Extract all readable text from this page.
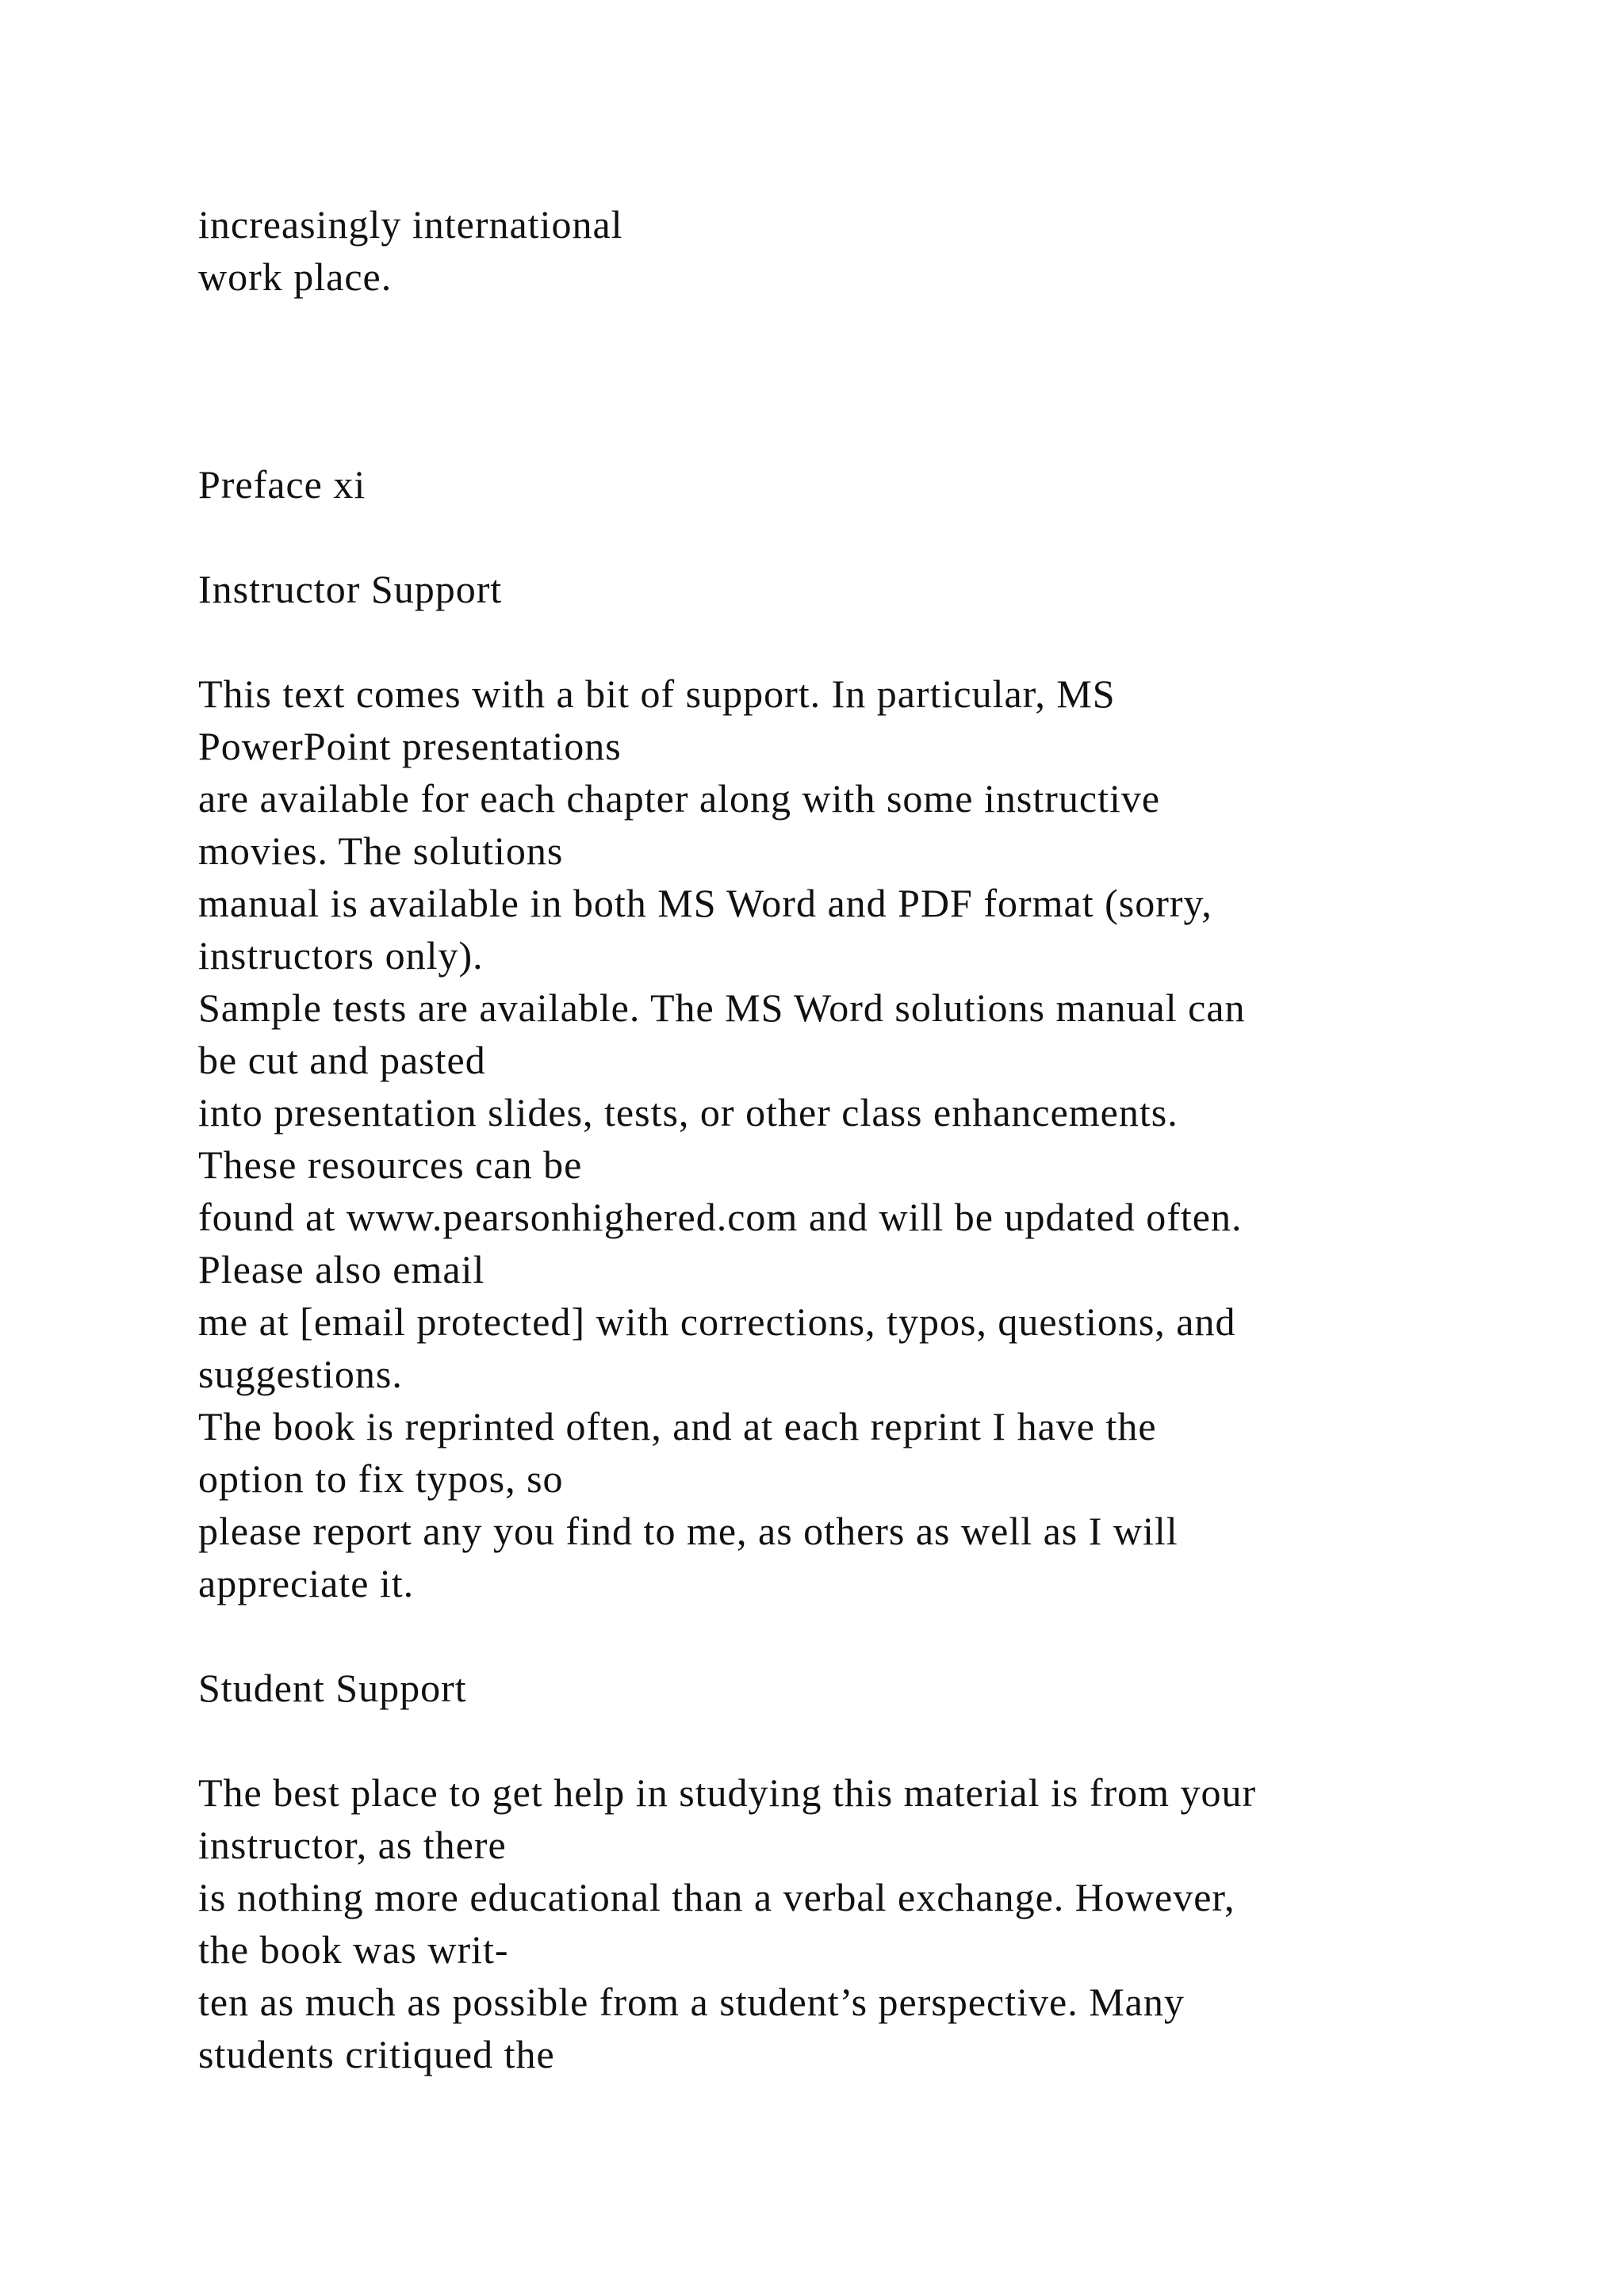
increasingly international
work place.
Preface xi
Instructor Support
This text comes with a bit of support. In particular, MS
PowerPoint presentations
are available for each chapter along with some instructive
movies. The solutions
manual is available in both MS Word and PDF format (sorry,
instructors only).
Sample tests are available. The MS Word solutions manual can
be cut and pasted
into presentation slides, tests, or other class enhancements.
These resources can be
found at www.pearsonhighered.com and will be updated often.
Please also email
me at [email protected] with corrections, typos, questions, and
suggestions.
The book is reprinted often, and at each reprint I have the
option to fix typos, so
please report any you find to me, as others as well as I will
appreciate it.
Student Support
The best place to get help in studying this material is from your
instructor, as there
is nothing more educational than a verbal exchange. However,
the book was writ-
ten as much as possible from a student’s perspective. Many
students critiqued the
